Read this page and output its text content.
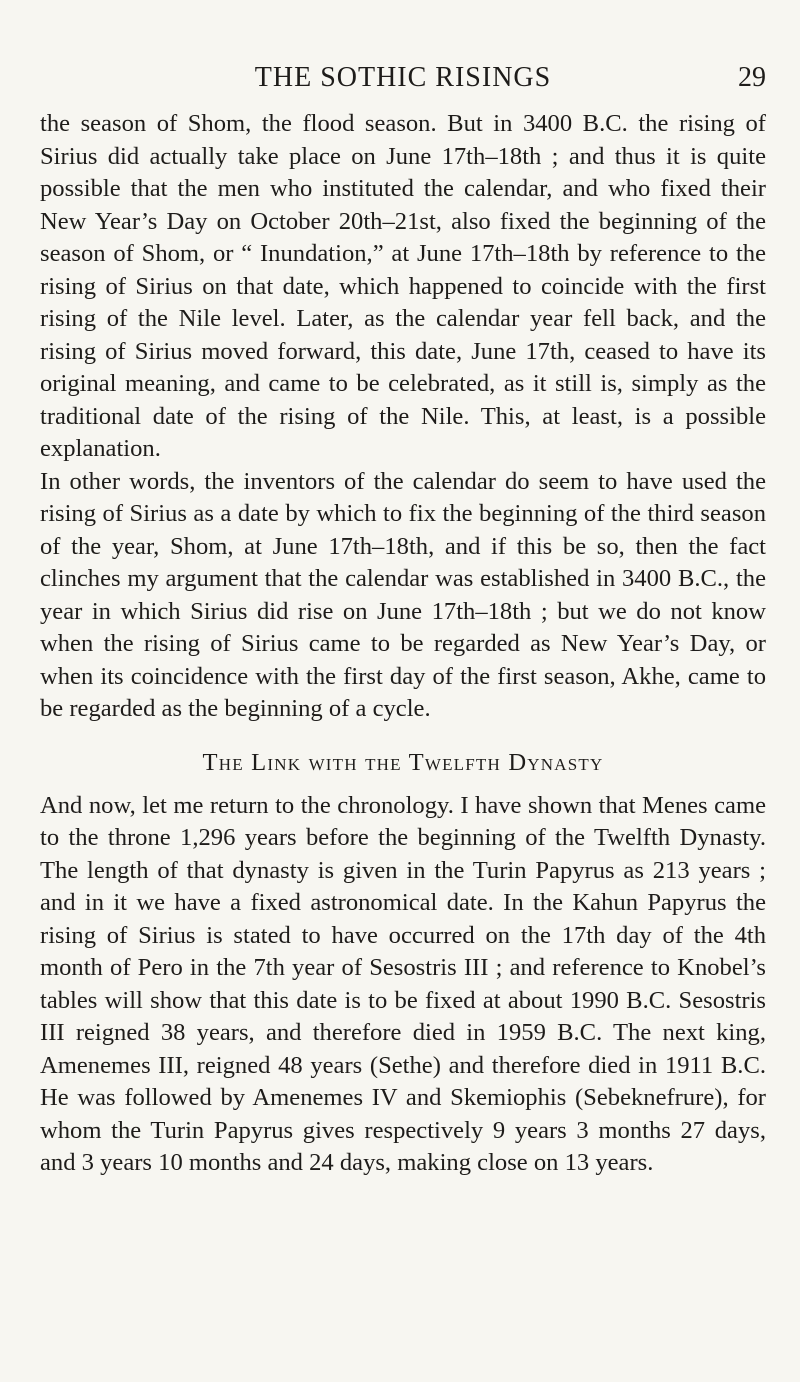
THE SOTHIC RISINGS	29

the season of Shom, the flood season. But in 3400 B.C. the rising of Sirius did actually take place on June 17th–18th ; and thus it is quite possible that the men who instituted the calendar, and who fixed their New Year’s Day on October 20th–21st, also fixed the beginning of the season of Shom, or “ Inundation,” at June 17th–18th by reference to the rising of Sirius on that date, which happened to coincide with the first rising of the Nile level. Later, as the calendar year fell back, and the rising of Sirius moved forward, this date, June 17th, ceased to have its original meaning, and came to be celebrated, as it still is, simply as the traditional date of the rising of the Nile. This, at least, is a possible explanation.

In other words, the inventors of the calendar do seem to have used the rising of Sirius as a date by which to fix the beginning of the third season of the year, Shom, at June 17th–18th, and if this be so, then the fact clinches my argument that the calendar was established in 3400 B.C., the year in which Sirius did rise on June 17th–18th ; but we do not know when the rising of Sirius came to be regarded as New Year’s Day, or when its coincidence with the first day of the first season, Akhe, came to be regarded as the beginning of a cycle.

The Link with the Twelfth Dynasty

And now, let me return to the chronology. I have shown that Menes came to the throne 1,296 years before the beginning of the Twelfth Dynasty. The length of that dynasty is given in the Turin Papyrus as 213 years ; and in it we have a fixed astronomical date. In the Kahun Papyrus the rising of Sirius is stated to have occurred on the 17th day of the 4th month of Pero in the 7th year of Sesostris III ; and reference to Knobel’s tables will show that this date is to be fixed at about 1990 B.C. Sesostris III reigned 38 years, and therefore died in 1959 B.C. The next king, Amenemes III, reigned 48 years (Sethe) and therefore died in 1911 B.C. He was followed by Amenemes IV and Skemiophis (Sebeknefrure), for whom the Turin Papyrus gives respectively 9 years 3 months 27 days, and 3 years 10 months and 24 days, making close on 13 years.
